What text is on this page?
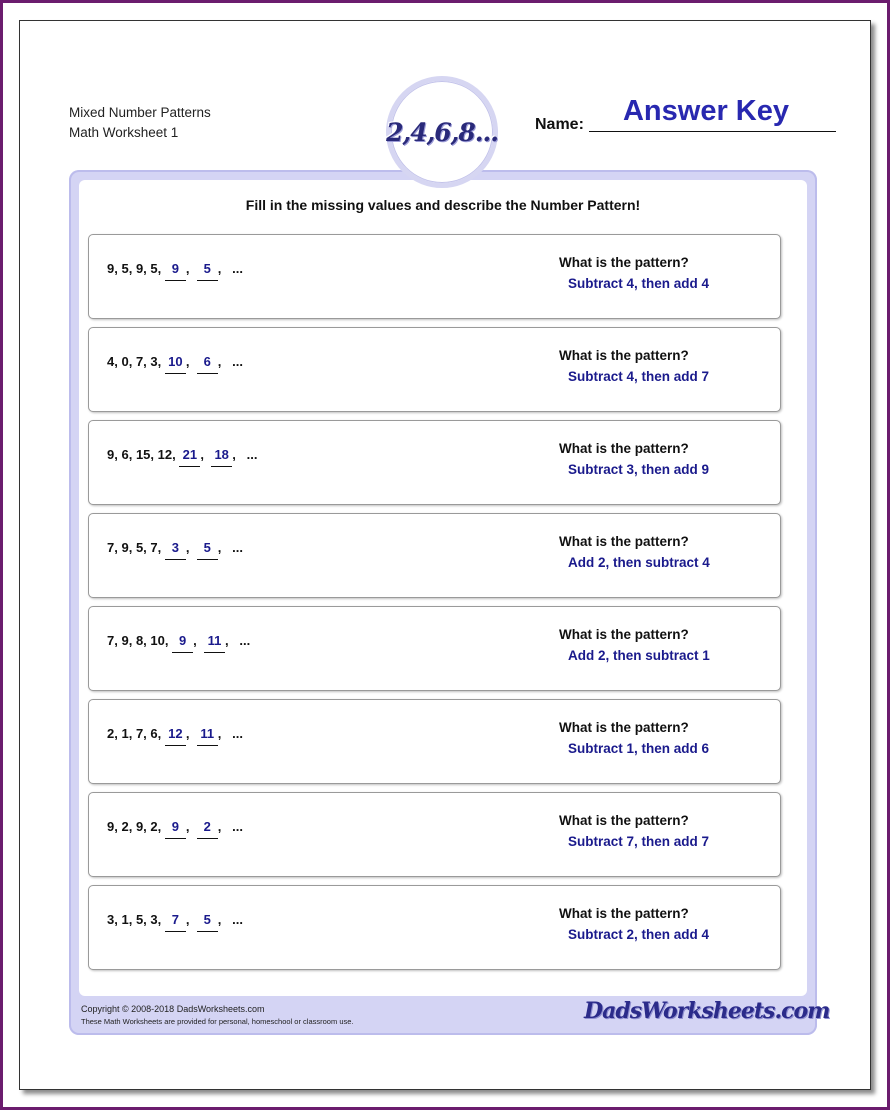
Mixed Number Patterns
Math Worksheet 1	2,4,6,8... Name:	Answer Key
Fill in the missing values and describe the Number Pattern!
9, 5, 9, 5, 9 ,  5 ,   ...	What is the pattern?
Subtract 4, then add 4
4, 0, 7, 3, 10 ,  6 ,   ...	What is the pattern?
Subtract 4, then add 7
9, 6, 15, 12, 21 ,  18 ,   ...	What is the pattern?
Subtract 3, then add 9
7, 9, 5, 7, 3 ,  5 ,   ...	What is the pattern?
Add 2, then subtract 4
7, 9, 8, 10, 9 ,  11 ,   ...	What is the pattern?
Add 2, then subtract 1
2, 1, 7, 6, 12 ,  11 ,   ...	What is the pattern?
Subtract 1, then add 6
9, 2, 9, 2, 9 ,  2 ,   ...	What is the pattern?
Subtract 7, then add 7
3, 1, 5, 3, 7 ,  5 ,   ...	What is the pattern?
Subtract 2, then add 4
Copyright © 2008-2018 DadsWorksheets.com
These Math Worksheets are provided for personal, homeschool or classroom use.	DadsWorksheets.com
